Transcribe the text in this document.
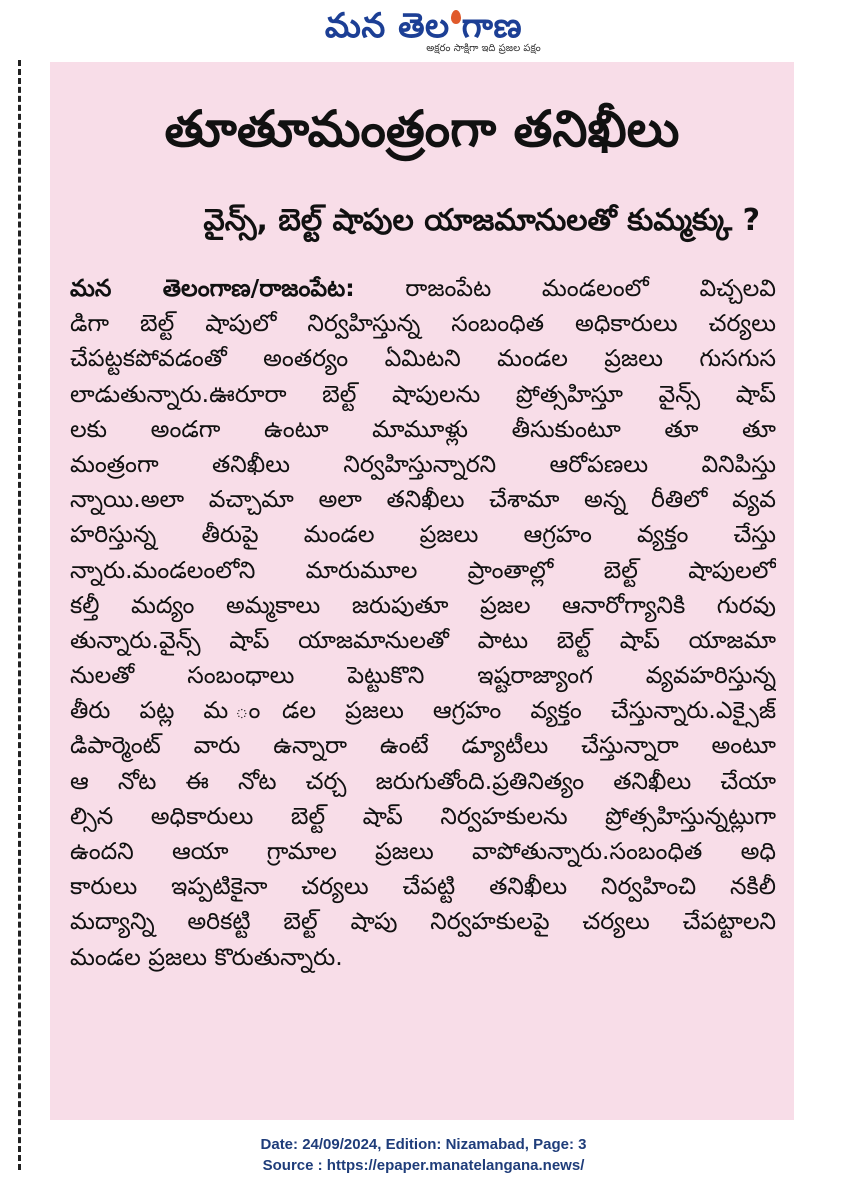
మన తెల గాణ
అక్షరం సాక్షిగా ఇది ప్రజల పక్షం
తూతూమంత్రంగా తనిఖీలు
వైన్స్, బెల్ట్ షాపుల యాజమానులతో కుమ్మక్కు ?
మన తెలంగాణ/రాజంపేట: రాజంపేట మండలంలో విచ్చలవి
డిగా బెల్ట్ షాపులో నిర్వహిస్తున్న సంబంధిత అధికారులు చర్యలు
చేపట్టకపోవడంతో అంతర్యం ఏమిటని మండల ప్రజలు గుసగుస
లాడుతున్నారు.ఊరూరా బెల్ట్ షాపులను ప్రోత్సహిస్తూ వైన్స్ షాప్
లకు అండగా ఉంటూ మామూళ్లు తీసుకుంటూ తూ తూ
మంత్రంగా తనిఖీలు నిర్వహిస్తున్నారని ఆరోపణలు వినిపిస్తు
న్నాయి.అలా వచ్చామా అలా తనిఖీలు చేశామా అన్న రీతిలో వ్యవ
హరిస్తున్న తీరుపై మండల ప్రజలు ఆగ్రహం వ్యక్తం చేస్తు
న్నారు.మండలంలోని మారుమూల ప్రాంతాల్లో బెల్ట్ షాపులలో
కల్తీ మద్యం అమ్మకాలు జరుపుతూ ప్రజల ఆనారోగ్యానికి గురవు
తున్నారు.వైన్స్ షాప్ యాజమానులతో పాటు బెల్ట్ షాప్ యాజమా
నులతో సంబంధాలు పెట్టుకొని ఇష్టరాజ్యాంగ వ్యవహరిస్తున్న
తీరు పట్ల మ ండల ప్రజలు ఆగ్రహం వ్యక్తం చేస్తున్నారు.ఎక్సైజ్
డిపార్మెంట్ వారు ఉన్నారా ఉంటే డ్యూటీలు చేస్తున్నారా అంటూ
ఆ నోట ఈ నోట చర్చ జరుగుతోంది.ప్రతినిత్యం తనిఖీలు చేయా
ల్సిన అధికారులు బెల్ట్ షాప్ నిర్వహకులను ప్రోత్సహిస్తున్నట్లుగా
ఉందని ఆయా గ్రామాల ప్రజలు వాపోతున్నారు.సంబంధిత అధి
కారులు ఇప్పటికైనా చర్యలు చేపట్టి తనిఖీలు నిర్వహించి నకిలీ
మద్యాన్ని అరికట్టి బెల్ట్ షాపు నిర్వహకులపై చర్యలు చేపట్టాలని
మండల ప్రజలు కొరుతున్నారు.
Date: 24/09/2024, Edition: Nizamabad, Page: 3
Source : https://epaper.manatelangana.news/
